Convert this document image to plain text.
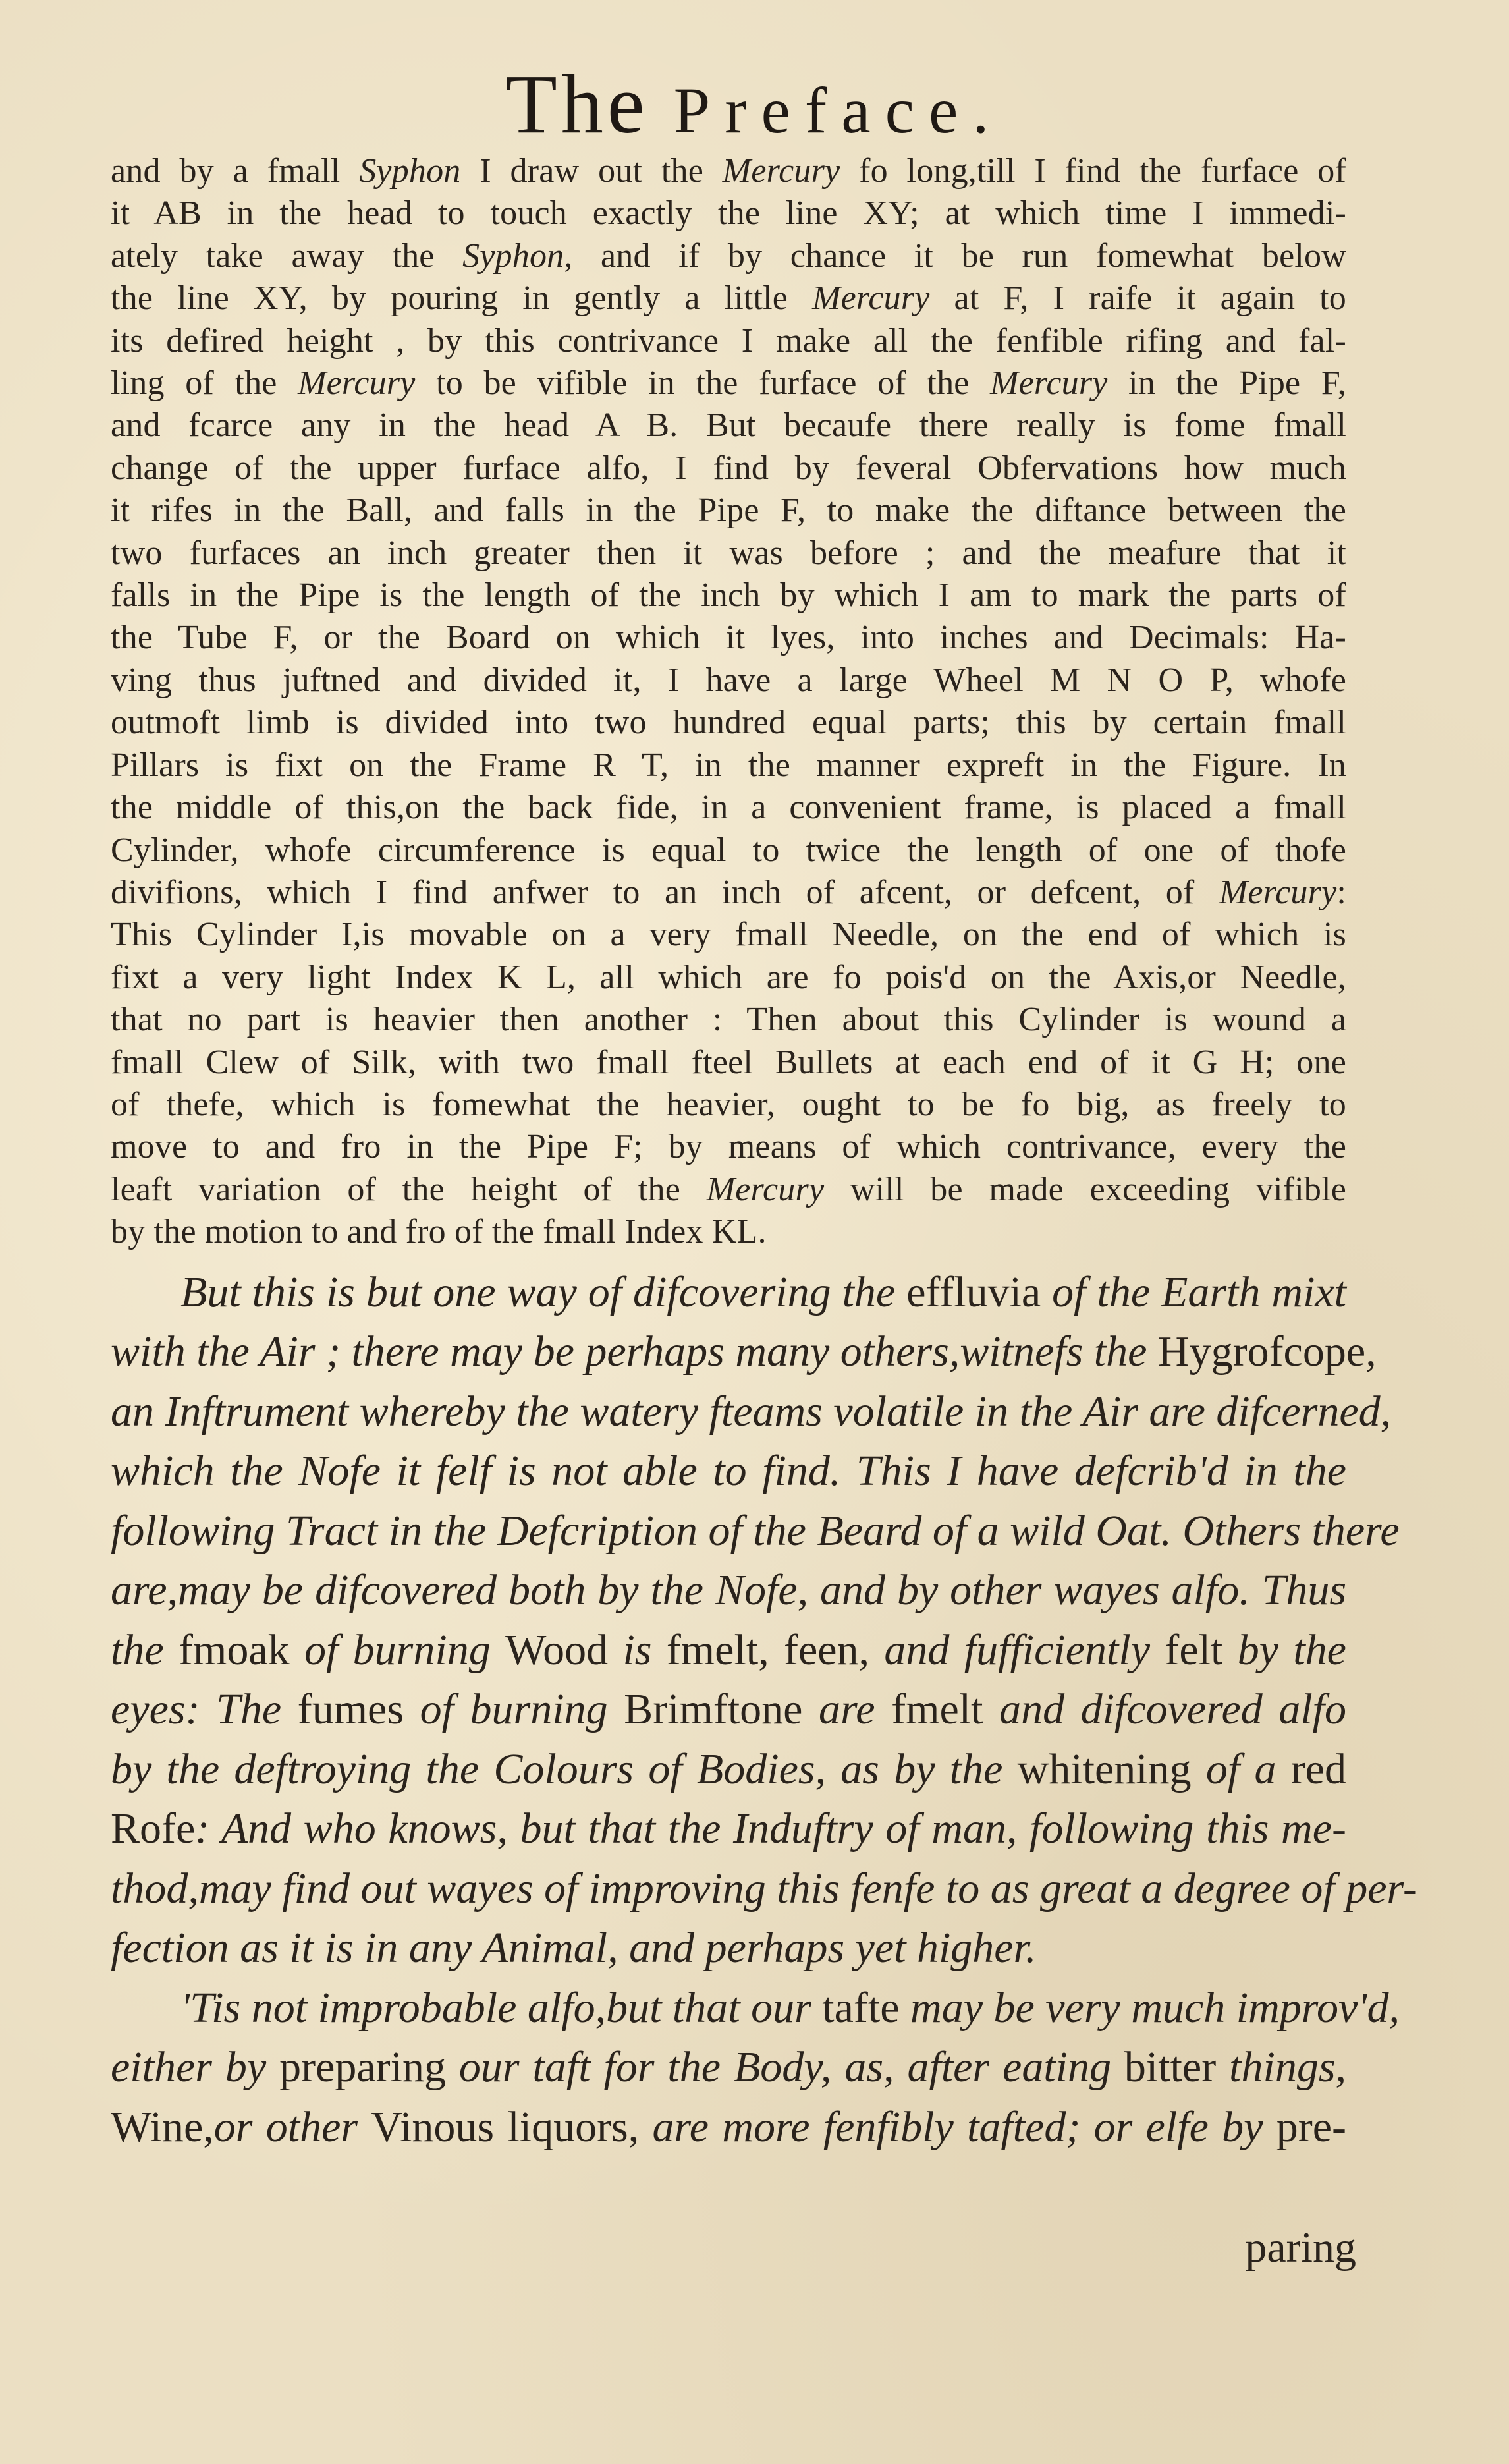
The Preface.
and by a fmall Syphon I draw out the Mercury fo long,till I find the furface of
it AB in the head to touch exactly the line XY; at which time I immedi-
ately take away the Syphon, and if by chance it be run fomewhat below
the line XY, by pouring in gently a little Mercury at F, I raife it again to
its defired height , by this contrivance I make all the fenfible rifing and fal-
ling of the Mercury to be vifible in the furface of the Mercury in the Pipe F,
and fcarce any in the head A B. But becaufe there really is fome fmall
change of the upper furface alfo, I find by feveral Obfervations how much
it rifes in the Ball, and falls in the Pipe F, to make the diftance between the
two furfaces an inch greater then it was before ; and the meafure that it
falls in the Pipe is the length of the inch by which I am to mark the parts of
the Tube F, or the Board on which it lyes, into inches and Decimals: Ha-
ving thus juftned and divided it, I have a large Wheel M N O P, whofe
outmoft limb is divided into two hundred equal parts; this by certain fmall
Pillars is fixt on the Frame R T, in the manner expreft in the Figure. In
the middle of this,on the back fide, in a convenient frame, is placed a fmall
Cylinder, whofe circumference is equal to twice the length of one of thofe
divifions, which I find anfwer to an inch of afcent, or defcent, of Mercury:
This Cylinder I,is movable on a very fmall Needle, on the end of which is
fixt a very light Index K L, all which are fo pois'd on the Axis,or Needle,
that no part is heavier then another : Then about this Cylinder is wound a
fmall Clew of Silk, with two fmall fteel Bullets at each end of it G H; one
of thefe, which is fomewhat the heavier, ought to be fo big, as freely to
move to and fro in the Pipe F; by means of which contrivance, every the
leaft variation of the height of the Mercury will be made exceeding vifible
by the motion to and fro of the fmall Index KL.
But this is but one way of difcovering the effluvia of the Earth mixt
with the Air ; there may be perhaps many others,witnefs the Hygrofcope,
an Inftrument whereby the watery fteams volatile in the Air are difcerned,
which the Nofe it felf is not able to find. This I have defcrib'd in the
following Tract in the Defcription of the Beard of a wild Oat. Others there
are,may be difcovered both by the Nofe, and by other wayes alfo. Thus
the fmoak of burning Wood is fmelt, feen, and fufficiently felt by the
eyes: The fumes of burning Brimftone are fmelt and difcovered alfo
by the deftroying the Colours of Bodies, as by the whitening of a red
Rofe: And who knows, but that the Induftry of man, following this me-
thod,may find out wayes of improving this fenfe to as great a degree of per-
fection as it is in any Animal, and perhaps yet higher.
'Tis not improbable alfo,but that our tafte may be very much improv'd,
either by preparing our taft for the Body, as, after eating bitter things,
Wine,or other Vinous liquors, are more fenfibly tafted; or elfe by pre-
paring
